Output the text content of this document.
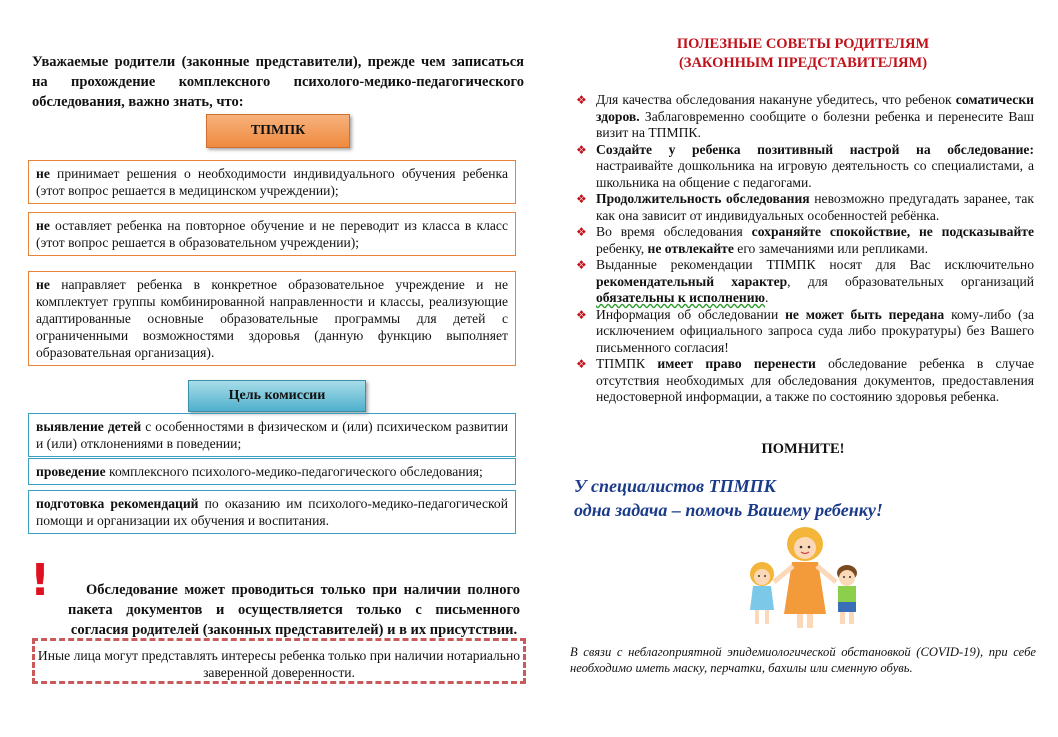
Уважаемые родители (законные представители), прежде чем записаться на прохождение комплексного психолого-медико-педагогического обследования, важно знать, что:
ТПМПК
не принимает решения о необходимости индивидуального обучения ребенка (этот вопрос решается в медицинском учреждении);
не оставляет ребенка на повторное обучение и не переводит из класса в класс (этот вопрос решается в образовательном учреждении);
не направляет ребенка в конкретное образовательное учреждение и не комплектует группы комбинированной направленности и классы, реализующие адаптированные основные образовательные программы для детей с ограниченными возможностями здоровья (данную функцию выполняет образовательная организация).
Цель комиссии
выявление детей с особенностями в физическом и (или) психическом развитии и (или) отклонениями в поведении;
проведение комплексного психолого-медико-педагогического обследования;
подготовка рекомендаций по оказанию им психолого-медико-педагогической помощи и организации их обучения и воспитания.
!	Обследование может проводиться только при наличии полного пакета документов и осуществляется только с письменного согласия родителей (законных представителей) и в их присутствии.
Иные лица могут представлять интересы ребенка только при наличии нотариально заверенной доверенности.
ПОЛЕЗНЫЕ СОВЕТЫ РОДИТЕЛЯМ
(ЗАКОННЫМ ПРЕДСТАВИТЕЛЯМ)
❖ Для качества обследования накануне убедитесь, что ребенок соматически здоров. Заблаговременно сообщите о болезни ребенка и перенесите Ваш визит на ТПМПК.
❖ Создайте у ребенка позитивный настрой на обследование: настраивайте дошкольника на игровую деятельность со специалистами, а школьника на общение с педагогами.
❖ Продолжительность обследования невозможно предугадать заранее, так как она зависит от индивидуальных особенностей ребёнка.
❖ Во время обследования сохраняйте спокойствие, не подсказывайте ребенку, не отвлекайте его замечаниями или репликами.
❖ Выданные рекомендации ТПМПК носят для Вас исключительно рекомендательный характер, для образовательных организаций обязательны к исполнению.
❖ Информация об обследовании не может быть передана кому-либо (за исключением официального запроса суда либо прокуратуры) без Вашего письменного согласия!
❖ ТПМПК имеет право перенести обследование ребенка в случае отсутствия необходимых для обследования документов, предоставления недостоверной информации, а также по состоянию здоровья ребенка.
ПОМНИТЕ!
У специалистов ТПМПК
одна задача – помочь Вашему ребенку!
В связи с неблагоприятной эпидемиологической обстановкой (COVID-19), при себе необходимо иметь маску, перчатки, бахилы или сменную обувь.
